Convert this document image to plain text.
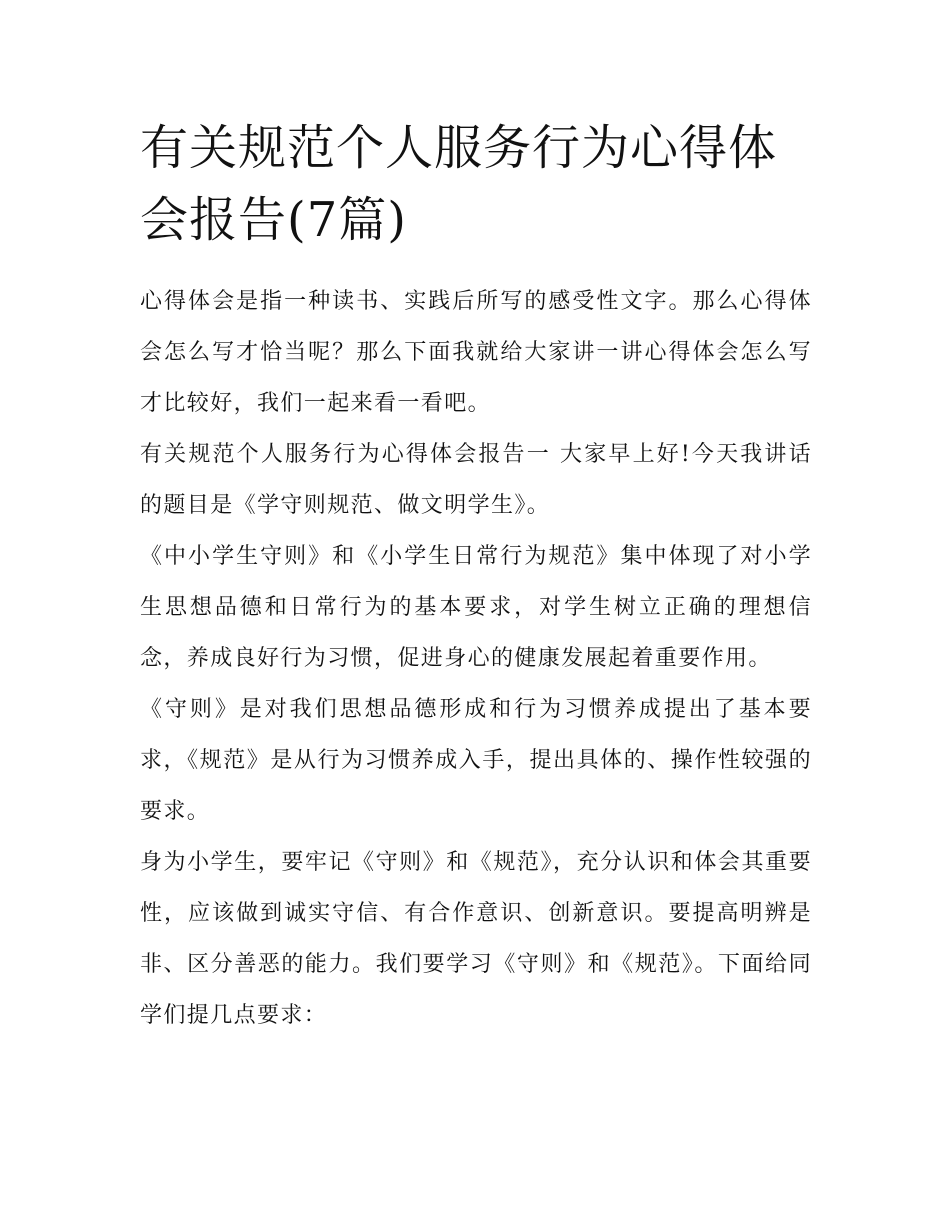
有关规范个人服务行为心得体会报告(7篇)

心得体会是指一种读书、实践后所写的感受性文字。那么心得体会怎么写才恰当呢？那么下面我就给大家讲一讲心得体会怎么写才比较好，我们一起来看一看吧。

有关规范个人服务行为心得体会报告一 大家早上好!今天我讲话的题目是《学守则规范、做文明学生》。

《中小学生守则》和《小学生日常行为规范》集中体现了对小学生思想品德和日常行为的基本要求，对学生树立正确的理想信念，养成良好行为习惯，促进身心的健康发展起着重要作用。

《守则》是对我们思想品德形成和行为习惯养成提出了基本要求，《规范》是从行为习惯养成入手，提出具体的、操作性较强的要求。

身为小学生，要牢记《守则》和《规范》，充分认识和体会其重要性，应该做到诚实守信、有合作意识、创新意识。要提高明辨是非、区分善恶的能力。我们要学习《守则》和《规范》。下面给同学们提几点要求：
